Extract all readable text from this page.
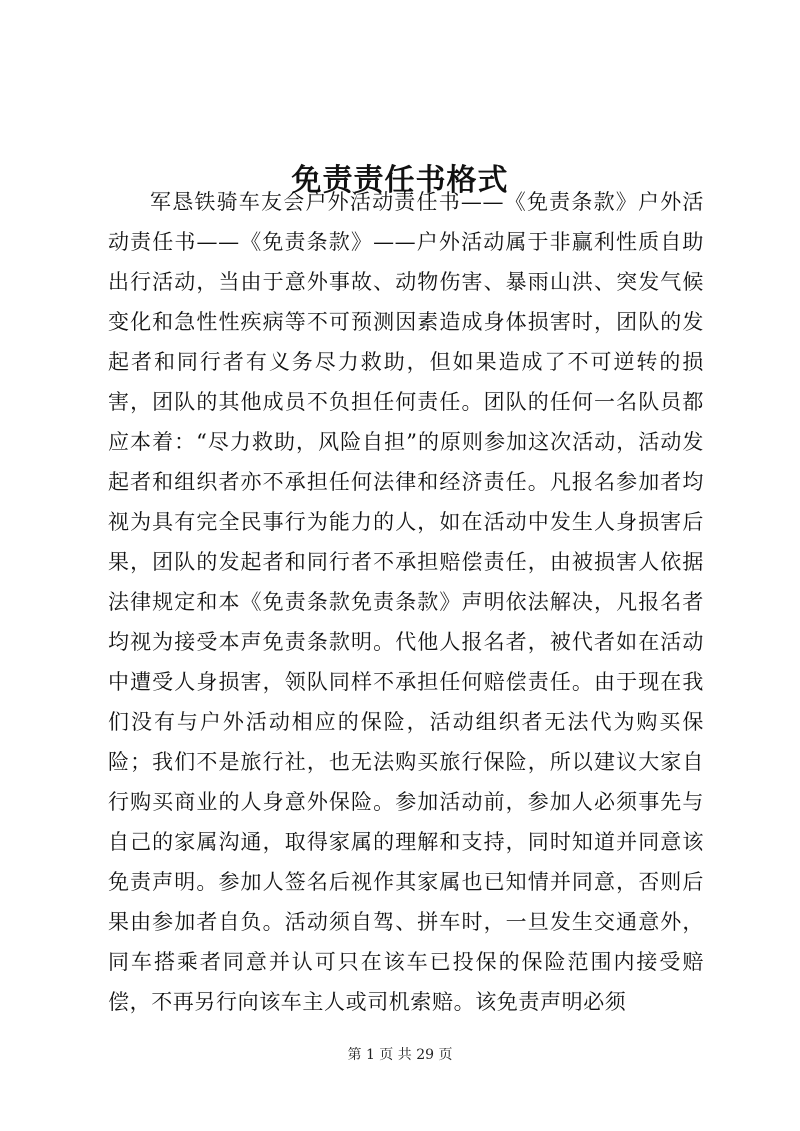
免责责任书格式

军恳铁骑车友会户外活动责任书——《免责条款》户外活动责任书——《免责条款》——户外活动属于非赢利性质自助出行活动，当由于意外事故、动物伤害、暴雨山洪、突发气候变化和急性性疾病等不可预测因素造成身体损害时，团队的发起者和同行者有义务尽力救助，但如果造成了不可逆转的损害，团队的其他成员不负担任何责任。团队的任何一名队员都应本着：“尽力救助，风险自担”的原则参加这次活动，活动发起者和组织者亦不承担任何法律和经济责任。凡报名参加者均视为具有完全民事行为能力的人，如在活动中发生人身损害后果，团队的发起者和同行者不承担赔偿责任，由被损害人依据法律规定和本《免责条款免责条款》声明依法解决，凡报名者均视为接受本声免责条款明。代他人报名者，被代者如在活动中遭受人身损害，领队同样不承担任何赔偿责任。由于现在我们没有与户外活动相应的保险，活动组织者无法代为购买保险；我们不是旅行社，也无法购买旅行保险，所以建议大家自行购买商业的人身意外保险。参加活动前，参加人必须事先与自己的家属沟通，取得家属的理解和支持，同时知道并同意该免责声明。参加人签名后视作其家属也已知情并同意，否则后果由参加者自负。活动须自驾、拼车时，一旦发生交通意外，同车搭乘者同意并认可只在该车已投保的保险范围内接受赔偿，不再另行向该车主人或司机索赔。该免责声明必须

第 1 页 共 29 页
